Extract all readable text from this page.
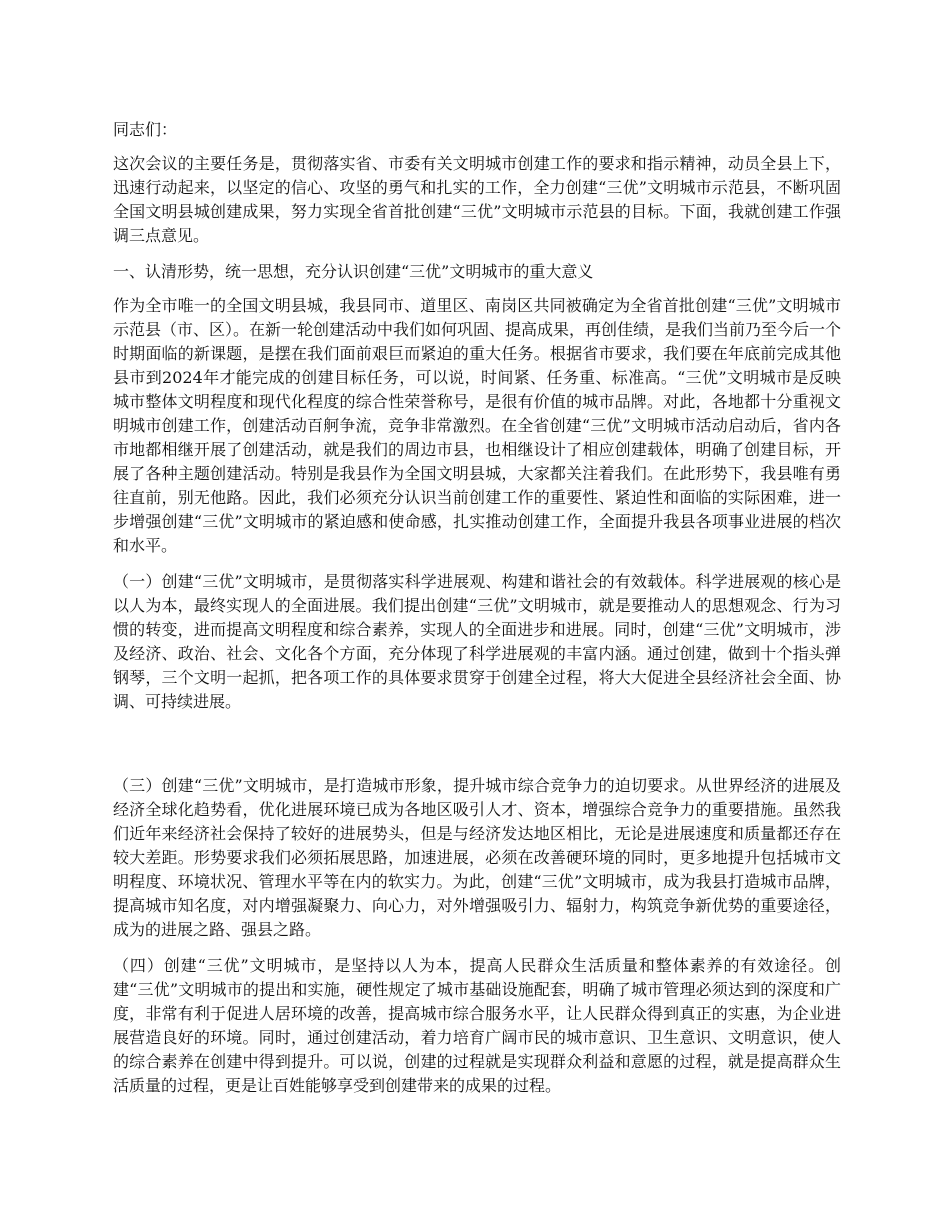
同志们：

这次会议的主要任务是，贯彻落实省、市委有关文明城市创建工作的要求和指示精神，动员全县上下，迅速行动起来，以坚定的信心、攻坚的勇气和扎实的工作，全力创建“三优”文明城市示范县，不断巩固全国文明县城创建成果，努力实现全省首批创建“三优”文明城市示范县的目标。下面，我就创建工作强调三点意见。

一、认清形势，统一思想，充分认识创建“三优”文明城市的重大意义

作为全市唯一的全国文明县城，我县同市、道里区、南岗区共同被确定为全省首批创建“三优”文明城市示范县（市、区）。在新一轮创建活动中我们如何巩固、提高成果，再创佳绩，是我们当前乃至今后一个时期面临的新课题，是摆在我们面前艰巨而紧迫的重大任务。根据省市要求，我们要在年底前完成其他县市到2024年才能完成的创建目标任务，可以说，时间紧、任务重、标准高。“三优”文明城市是反映城市整体文明程度和现代化程度的综合性荣誉称号，是很有价值的城市品牌。对此，各地都十分重视文明城市创建工作，创建活动百舸争流，竞争非常激烈。在全省创建“三优”文明城市活动启动后，省内各市地都相继开展了创建活动，就是我们的周边市县，也相继设计了相应创建载体，明确了创建目标，开展了各种主题创建活动。特别是我县作为全国文明县城，大家都关注着我们。在此形势下，我县唯有勇往直前，别无他路。因此，我们必须充分认识当前创建工作的重要性、紧迫性和面临的实际困难，进一步增强创建“三优”文明城市的紧迫感和使命感，扎实推动创建工作，全面提升我县各项事业进展的档次和水平。

（一）创建“三优”文明城市，是贯彻落实科学进展观、构建和谐社会的有效载体。科学进展观的核心是以人为本，最终实现人的全面进展。我们提出创建“三优”文明城市，就是要推动人的思想观念、行为习惯的转变，进而提高文明程度和综合素养，实现人的全面进步和进展。同时，创建“三优”文明城市，涉及经济、政治、社会、文化各个方面，充分体现了科学进展观的丰富内涵。通过创建，做到十个指头弹钢琴，三个文明一起抓，把各项工作的具体要求贯穿于创建全过程，将大大促进全县经济社会全面、协调、可持续进展。

（三）创建“三优”文明城市，是打造城市形象，提升城市综合竞争力的迫切要求。从世界经济的进展及经济全球化趋势看，优化进展环境已成为各地区吸引人才、资本，增强综合竞争力的重要措施。虽然我们近年来经济社会保持了较好的进展势头，但是与经济发达地区相比，无论是进展速度和质量都还存在较大差距。形势要求我们必须拓展思路，加速进展，必须在改善硬环境的同时，更多地提升包括城市文明程度、环境状况、管理水平等在内的软实力。为此，创建“三优”文明城市，成为我县打造城市品牌，提高城市知名度，对内增强凝聚力、向心力，对外增强吸引力、辐射力，构筑竞争新优势的重要途径，成为的进展之路、强县之路。

（四）创建“三优”文明城市，是坚持以人为本，提高人民群众生活质量和整体素养的有效途径。创建“三优”文明城市的提出和实施，硬性规定了城市基础设施配套，明确了城市管理必须达到的深度和广度，非常有利于促进人居环境的改善，提高城市综合服务水平，让人民群众得到真正的实惠，为企业进展营造良好的环境。同时，通过创建活动，着力培育广阔市民的城市意识、卫生意识、文明意识，使人的综合素养在创建中得到提升。可以说，创建的过程就是实现群众利益和意愿的过程，就是提高群众生活质量的过程，更是让百姓能够享受到创建带来的成果的过程。
